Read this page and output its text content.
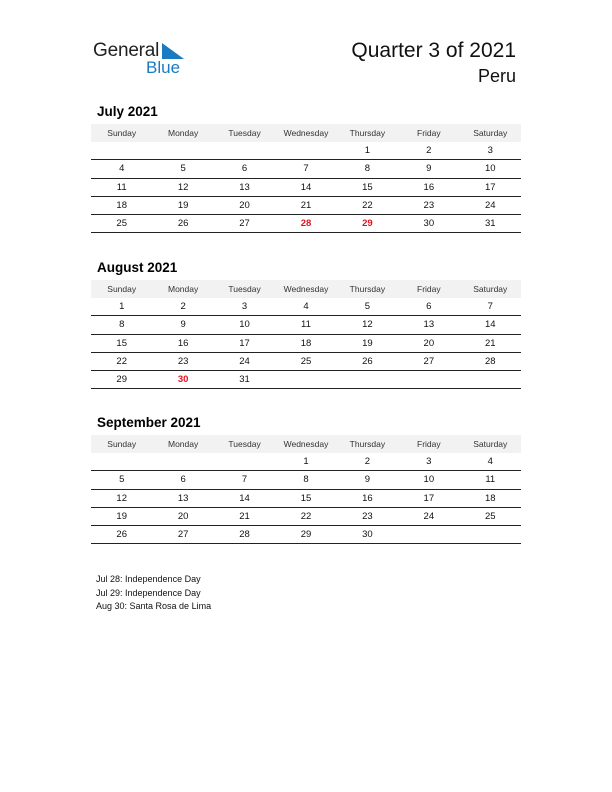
General
Blue
Quarter 3 of 2021
Peru
July 2021
Sunday	Monday	Tuesday	Wednesday	Thursday	Friday	Saturday
				1	2	3
4	5	6	7	8	9	10
11	12	13	14	15	16	17
18	19	20	21	22	23	24
25	26	27	28	29	30	31
August 2021
Sunday	Monday	Tuesday	Wednesday	Thursday	Friday	Saturday
1	2	3	4	5	6	7
8	9	10	11	12	13	14
15	16	17	18	19	20	21
22	23	24	25	26	27	28
29	30	31				
September 2021
Sunday	Monday	Tuesday	Wednesday	Thursday	Friday	Saturday
			1	2	3	4
5	6	7	8	9	10	11
12	13	14	15	16	17	18
19	20	21	22	23	24	25
26	27	28	29	30		
Jul 28: Independence Day
Jul 29: Independence Day
Aug 30: Santa Rosa de Lima
